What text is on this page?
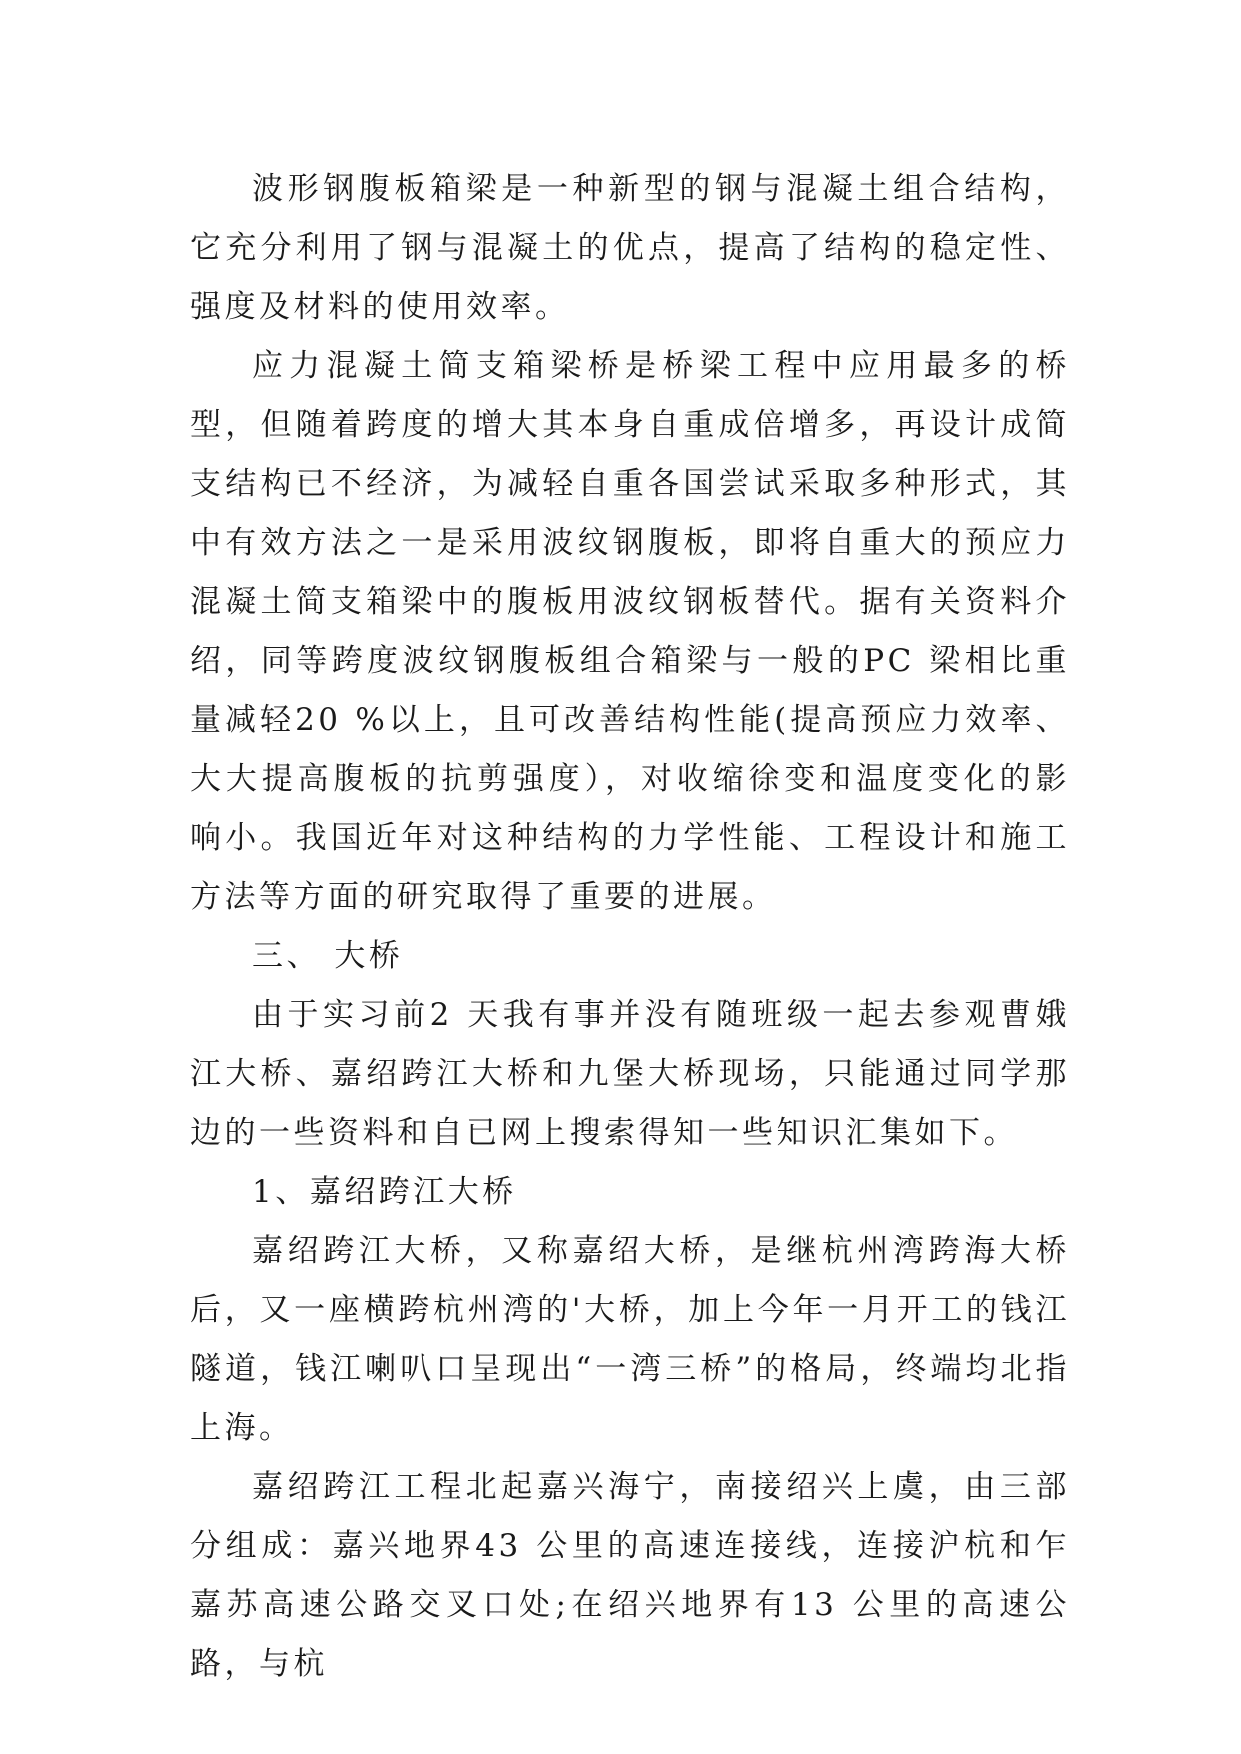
波形钢腹板箱梁是一种新型的钢与混凝土组合结构，它充分利用了钢与混凝土的优点，提高了结构的稳定性、强度及材料的使用效率。

应力混凝土简支箱梁桥是桥梁工程中应用最多的桥型，但随着跨度的增大其本身自重成倍增多，再设计成简支结构已不经济，为减轻自重各国尝试采取多种形式，其中有效方法之一是采用波纹钢腹板，即将自重大的预应力混凝土简支箱梁中的腹板用波纹钢板替代。据有关资料介绍，同等跨度波纹钢腹板组合箱梁与一般的PC 梁相比重量减轻20 %以上，且可改善结构性能(提高预应力效率、大大提高腹板的抗剪强度），对收缩徐变和温度变化的影响小。我国近年对这种结构的力学性能、工程设计和施工方法等方面的研究取得了重要的进展。

三、 大桥

由于实习前2 天我有事并没有随班级一起去参观曹娥江大桥、嘉绍跨江大桥和九堡大桥现场，只能通过同学那边的一些资料和自已网上搜索得知一些知识汇集如下。

1、嘉绍跨江大桥

嘉绍跨江大桥，又称嘉绍大桥，是继杭州湾跨海大桥后，又一座横跨杭州湾的'大桥，加上今年一月开工的钱江隧道，钱江喇叭口呈现出“一湾三桥”的格局，终端均北指上海。

嘉绍跨江工程北起嘉兴海宁，南接绍兴上虞，由三部分组成：嘉兴地界43 公里的高速连接线，连接沪杭和乍嘉苏高速公路交叉口处;在绍兴地界有13 公里的高速公路，与杭
